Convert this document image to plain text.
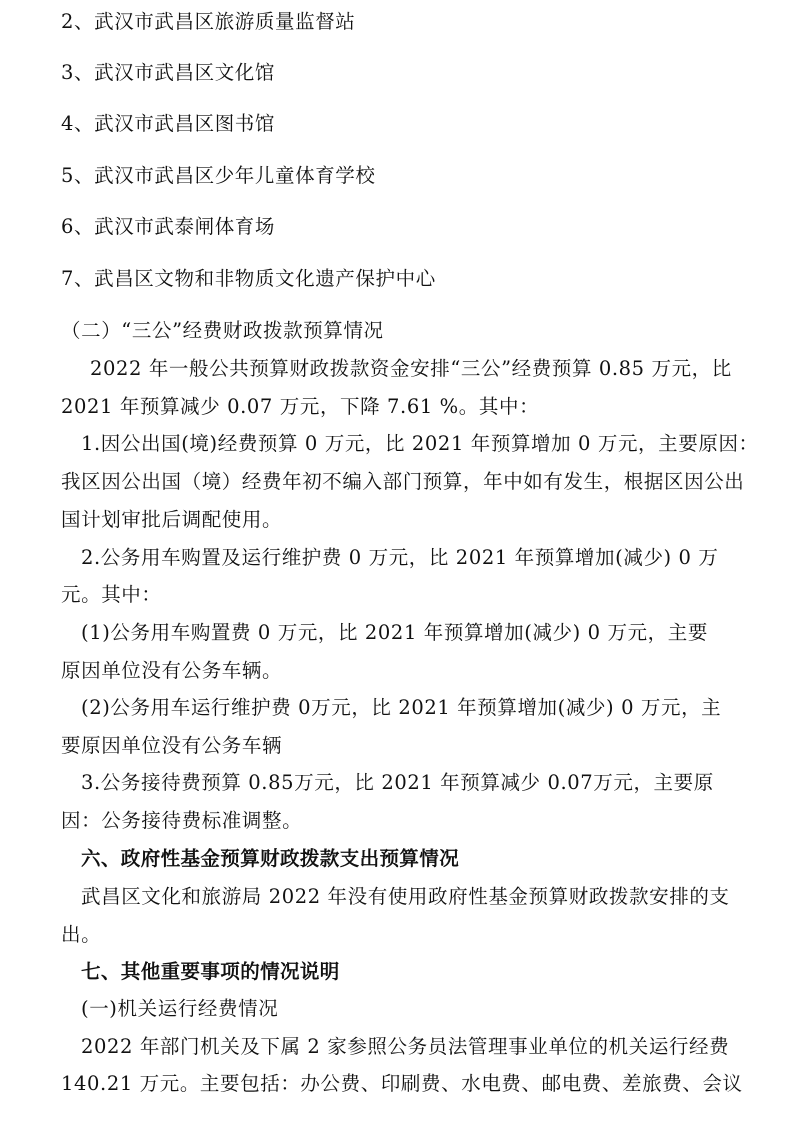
2、武汉市武昌区旅游质量监督站

3、武汉市武昌区文化馆

4、武汉市武昌区图书馆

5、武汉市武昌区少年儿童体育学校

6、武汉市武泰闸体育场

7、武昌区文物和非物质文化遗产保护中心

（二）“三公”经费财政拨款预算情况

2022 年一般公共预算财政拨款资金安排“三公”经费预算 0.85 万元，比

2021 年预算减少 0.07 万元，下降 7.61 %。其中：

1.因公出国(境)经费预算 0 万元，比 2021 年预算增加 0 万元，主要原因：

我区因公出国（境）经费年初不编入部门预算，年中如有发生，根据区因公出

国计划审批后调配使用。

2.公务用车购置及运行维护费 0 万元，比 2021 年预算增加(减少) 0 万

元。其中：

(1)公务用车购置费 0 万元，比 2021 年预算增加(减少) 0 万元，主要

原因单位没有公务车辆。

(2)公务用车运行维护费 0万元，比 2021 年预算增加(减少) 0 万元，主

要原因单位没有公务车辆

3.公务接待费预算 0.85万元，比 2021 年预算减少 0.07万元，主要原

因：公务接待费标准调整。

六、政府性基金预算财政拨款支出预算情况

武昌区文化和旅游局 2022 年没有使用政府性基金预算财政拨款安排的支

出。

七、其他重要事项的情况说明

(一)机关运行经费情况

2022 年部门机关及下属 2 家参照公务员法管理事业单位的机关运行经费

140.21 万元。主要包括：办公费、印刷费、水电费、邮电费、差旅费、会议
